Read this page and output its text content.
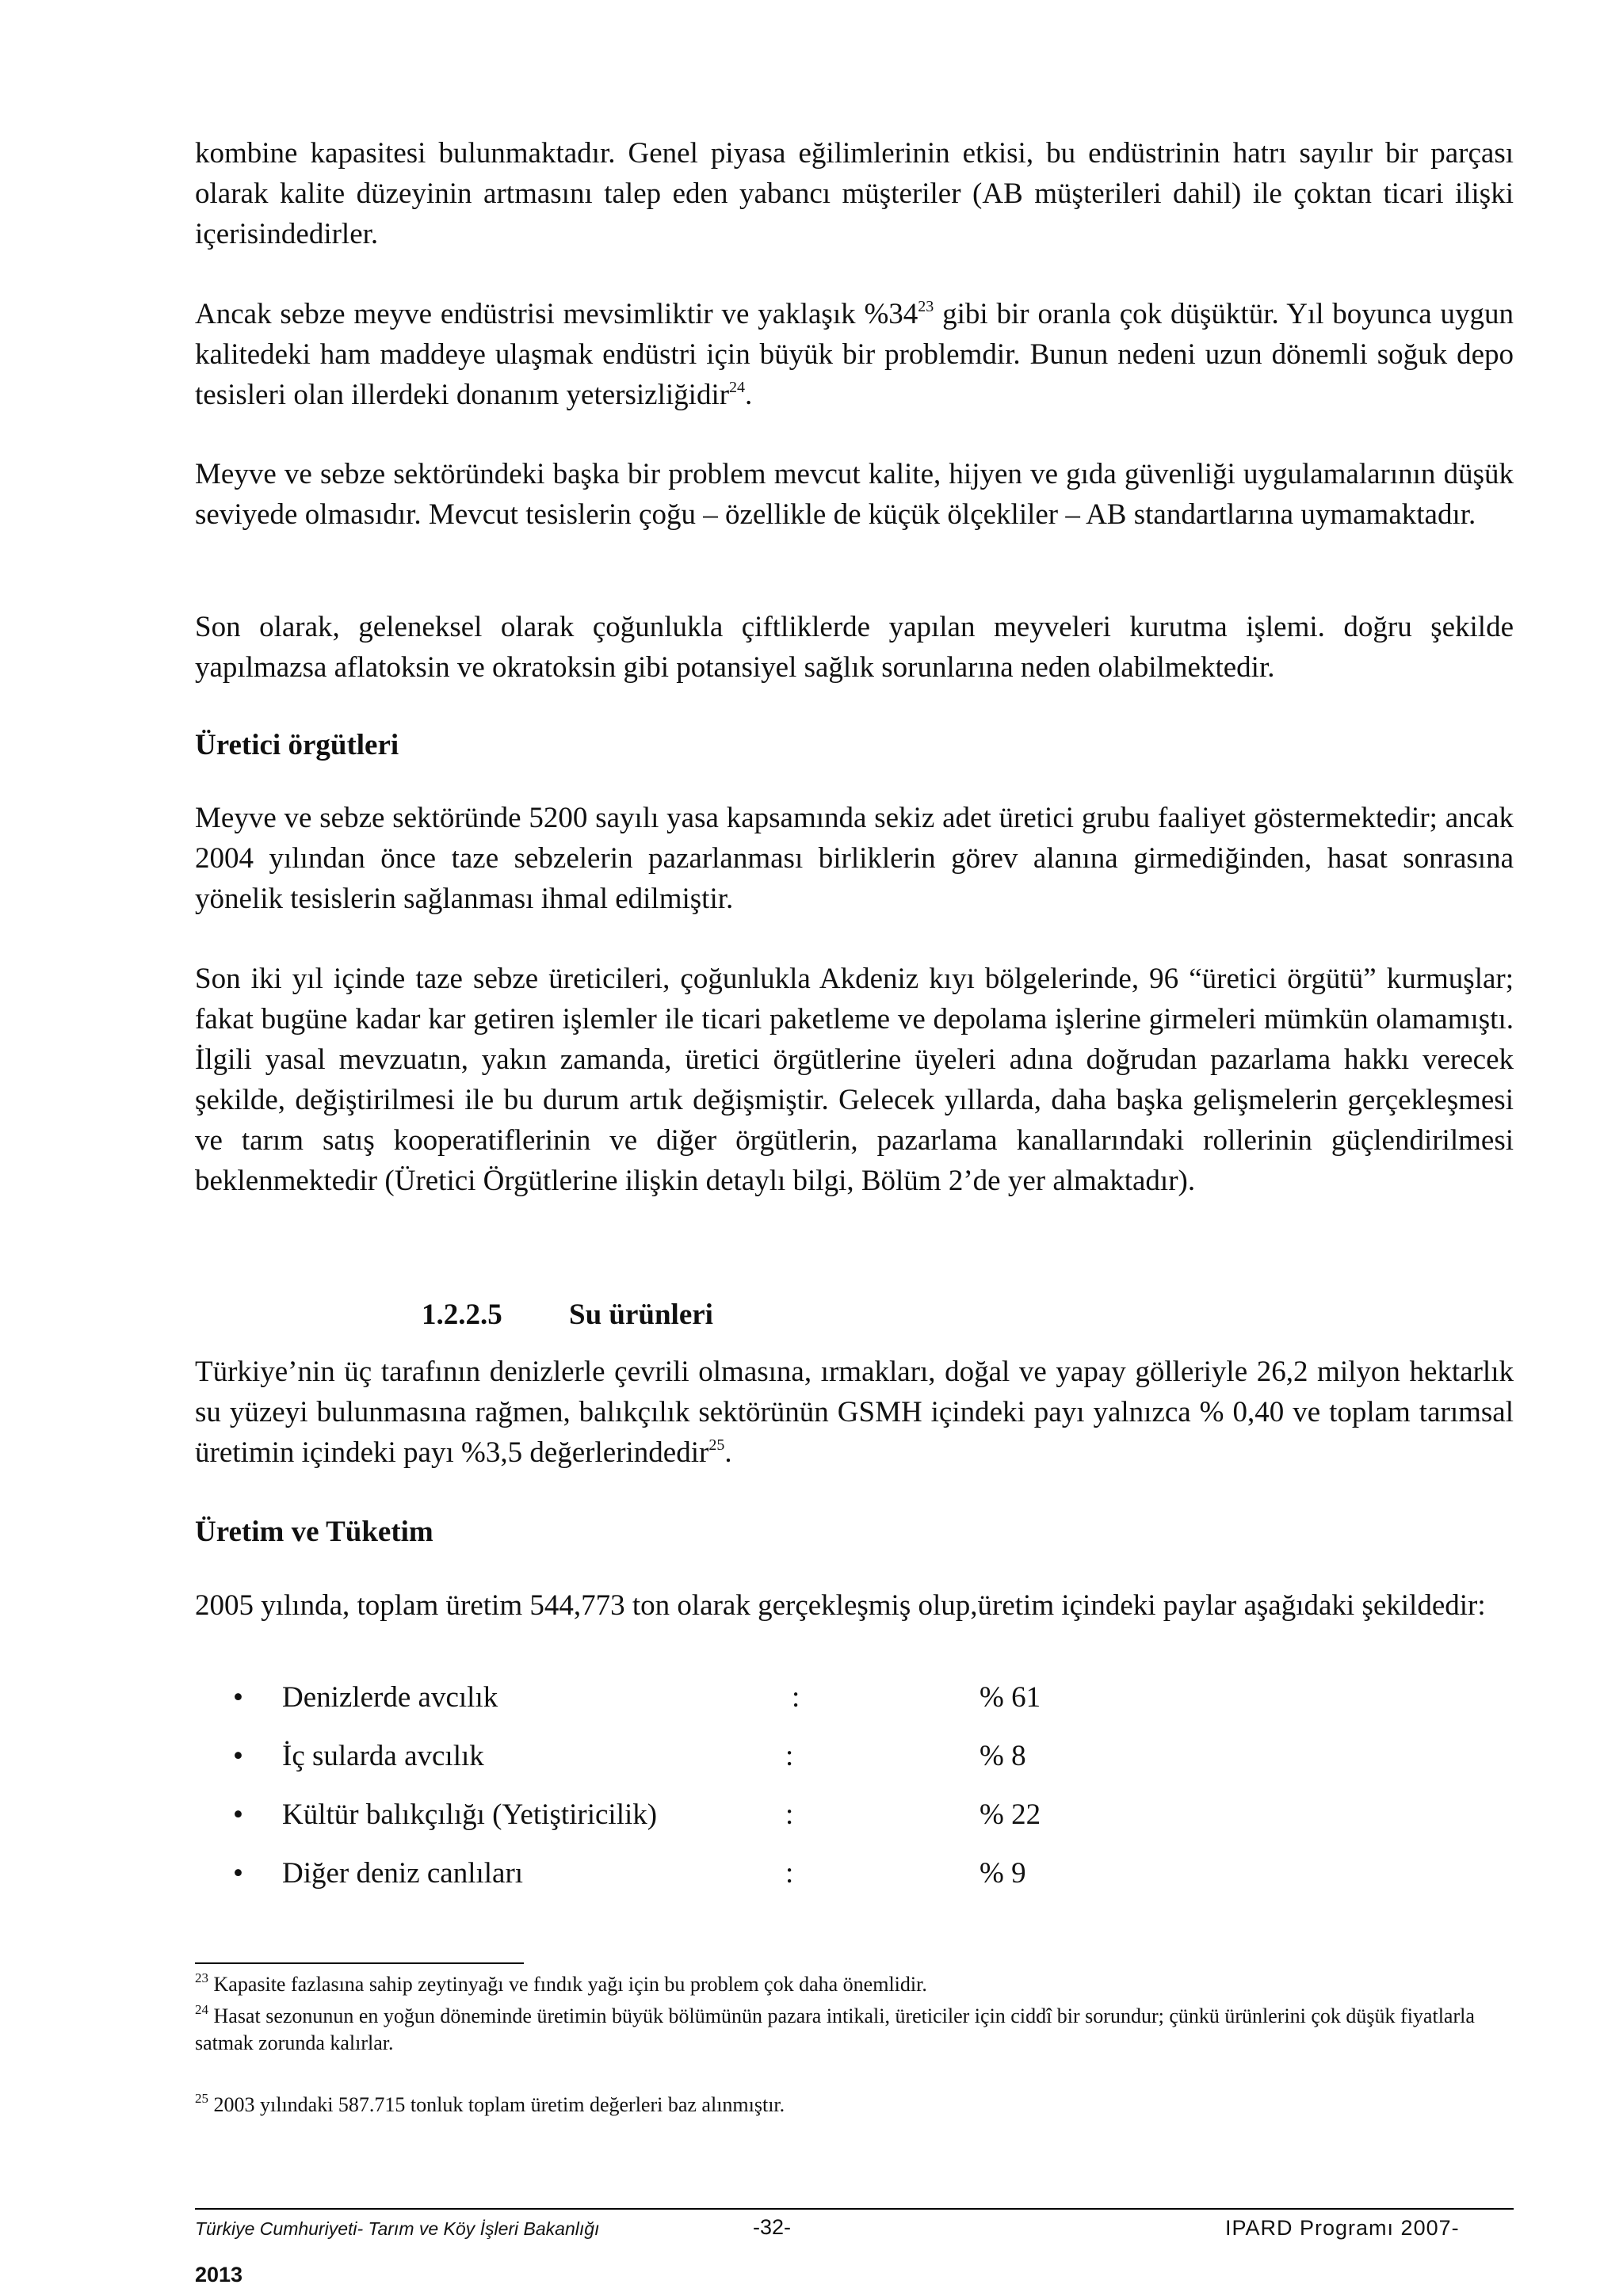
kombine kapasitesi bulunmaktadır. Genel piyasa eğilimlerinin etkisi, bu endüstrinin hatrı sayılır bir parçası olarak kalite düzeyinin artmasını talep eden yabancı müşteriler (AB müşterileri dahil) ile çoktan ticari ilişki içerisindedirler.

Ancak sebze meyve endüstrisi mevsimliktir ve yaklaşık $\%34^{23}$ gibi bir oranla çok düşüktür. Yıl boyunca uygun kalitedeki ham maddeye ulaşmak endüstri için büyük bir problemdir. Bunun nedeni uzun dönemli soğuk depo tesisleri olan illerdeki donanım yetersizliğidir$^{24}$.

Meyve ve sebze sektöründeki başka bir problem mevcut kalite, hijyen ve gıda güvenliği uygulamalarının düşük seviyede olmasıdır. Mevcut tesislerin çoğu – özellikle de küçük ölçekliler – AB standartlarına uymamaktadır.

Son olarak, geleneksel olarak çoğunlukla çiftliklerde yapılan meyveleri kurutma işlemi. doğru şekilde yapılmazsa aflatoksin ve okratoksin gibi potansiyel sağlık sorunlarına neden olabilmektedir.

Üretici örgütleri

Meyve ve sebze sektöründe 5200 sayılı yasa kapsamında sekiz adet üretici grubu faaliyet göstermektedir; ancak 2004 yılından önce taze sebzelerin pazarlanması birliklerin görev alanına girmediğinden, hasat sonrasına yönelik tesislerin sağlanması ihmal edilmiştir.

Son iki yıl içinde taze sebze üreticileri, çoğunlukla Akdeniz kıyı bölgelerinde, 96 “üretici örgütü” kurmuşlar; fakat bugüne kadar kar getiren işlemler ile ticari paketleme ve depolama işlerine girmeleri mümkün olamamıştı. İlgili yasal mevzuatın, yakın zamanda, üretici örgütlerine üyeleri adına doğrudan pazarlama hakkı verecek şekilde, değiştirilmesi ile bu durum artık değişmiştir. Gelecek yıllarda, daha başka gelişmelerin gerçekleşmesi ve tarım satış kooperatiflerinin ve diğer örgütlerin, pazarlama kanallarındaki rollerinin güçlendirilmesi beklenmektedir (Üretici Örgütlerine ilişkin detaylı bilgi, Bölüm 2’de yer almaktadır).

1.2.2.5 Su ürünleri

Türkiye’nin üç tarafının denizlerle çevrili olmasına, ırmakları, doğal ve yapay gölleriyle 26,2 milyon hektarlık su yüzeyi bulunmasına rağmen, balıkçılık sektörünün GSMH içindeki payı yalnızca % 0,40 ve toplam tarımsal üretimin içindeki payı %3,5 değerlerindedir$^{25}$.

Üretim ve Tüketim

2005 yılında, toplam üretim 544,773 ton olarak gerçekleşmiş olup,üretim içindeki paylar aşağıdaki şekildedir:

• Denizlerde avcılık	:	% 61
• İç sularda avcılık	:	% 8
• Kültür balıkçılığı (Yetiştiricilik)	:	% 22
• Diğer deniz canlıları	:	% 9
$^{23}$ Kapasite fazlasına sahip zeytinyağı ve fındık yağı için bu problem çok daha önemlidir.
$^{24}$ Hasat sezonunun en yoğun döneminde üretimin büyük bölümünün pazara intikali, üreticiler için ciddî bir sorundur; çünkü ürünlerini çok düşük fiyatlarla satmak zorunda kalırlar.
$^{25}$ 2003 yılındaki 587.715 tonluk toplam üretim değerleri baz alınmıştır.
Türkiye Cumhuriyeti- Tarım ve Köy İşleri Bakanlığı	-32-	IPARD Programı 2007-
2013
